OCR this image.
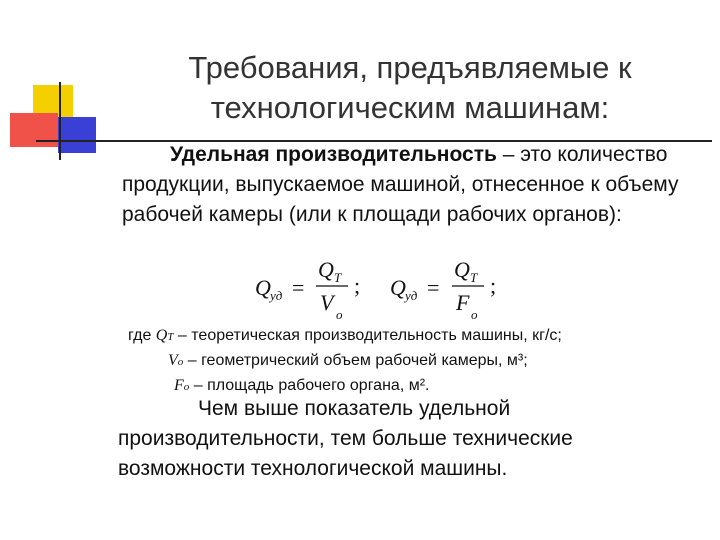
Требования, предъявляемые к технологическим машинам:
Удельная производительность – это количество продукции, выпускаемое машиной, отнесенное к объему рабочей камеры (или к площади рабочих органов):
Q уд =
Q Т
V о
; Q уд =
Q Т
F о
;
где QТ – теоретическая производительность машины, кг/с;
Vо – геометрический объем рабочей камеры, м³;
Fо – площадь рабочего органа, м².
Чем выше показатель удельной производительности, тем больше технические возможности технологической машины.
